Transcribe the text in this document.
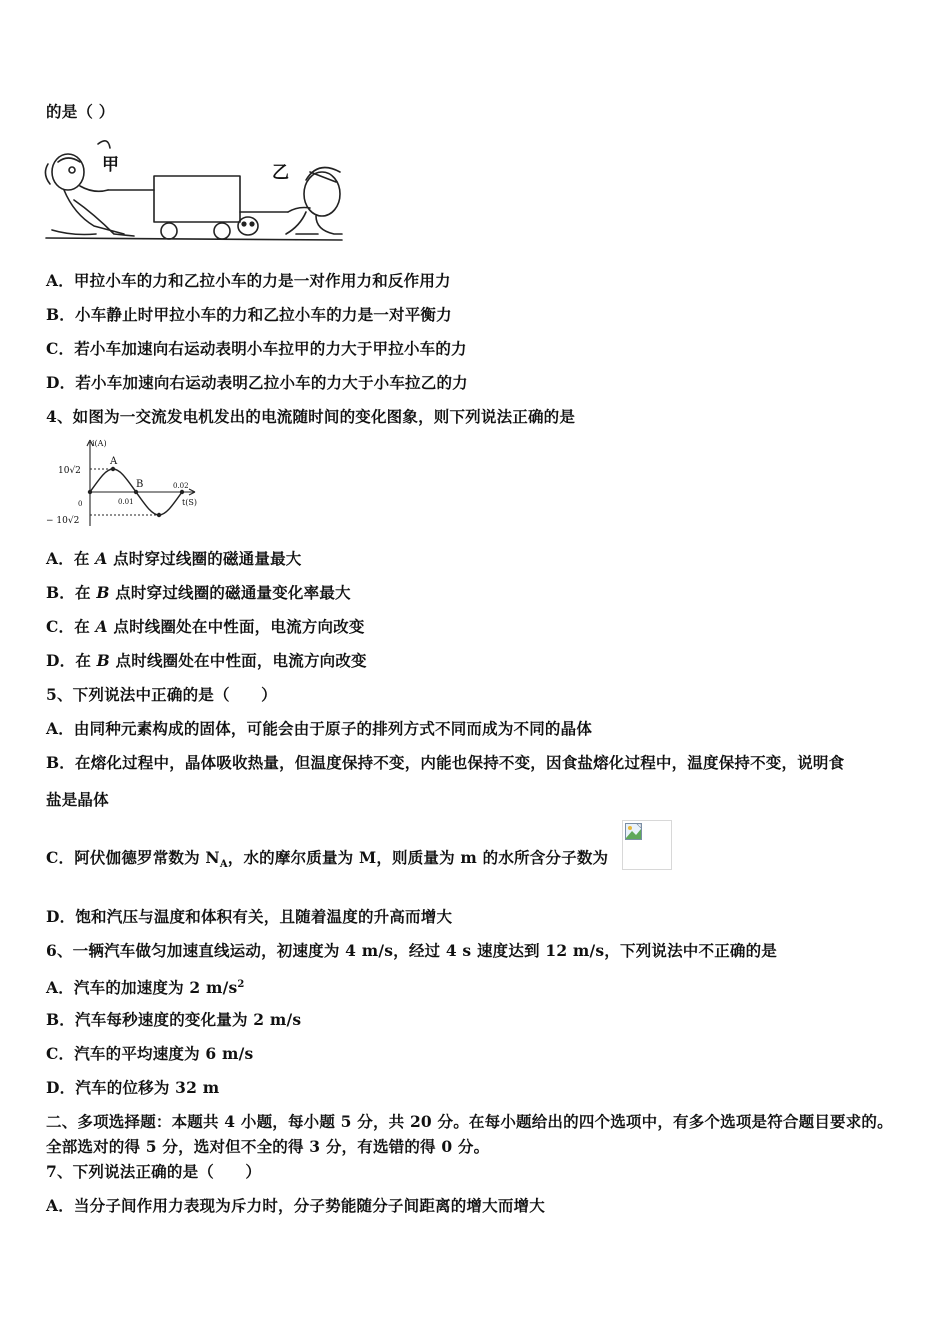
的是（ ）
甲	乙
A．甲拉小车的力和乙拉小车的力是一对作用力和反作用力
B．小车静止时甲拉小车的力和乙拉小车的力是一对平衡力
C．若小车加速向右运动表明小车拉甲的力大于甲拉小车的力
D．若小车加速向右运动表明乙拉小车的力大于小车拉乙的力
4、如图为一交流发电机发出的电流随时间的变化图象，则下列说法正确的是
i(A)
10√2
− 10√2
0
A
B
0.01
0.02
t(S)
A．在 A 点时穿过线圈的磁通量最大
B．在 B 点时穿过线圈的磁通量变化率最大
C．在 A 点时线圈处在中性面，电流方向改变
D．在 B 点时线圈处在中性面，电流方向改变
5、下列说法中正确的是（　　）
A．由同种元素构成的固体，可能会由于原子的排列方式不同而成为不同的晶体
B．在熔化过程中，晶体吸收热量，但温度保持不变，内能也保持不变，因食盐熔化过程中，温度保持不变，说明食
盐是晶体
C．阿伏伽德罗常数为 $N_A$，水的摩尔质量为 M，则质量为 m 的水所含分子数为
D．饱和汽压与温度和体积有关，且随着温度的升高而增大
6、一辆汽车做匀加速直线运动，初速度为 4 m/s，经过 4 s 速度达到 12 m/s，下列说法中不正确的是
A．汽车的加速度为 2 $m/s^2$
B．汽车每秒速度的变化量为 2 m/s
C．汽车的平均速度为 6 m/s
D．汽车的位移为 32 m
二、多项选择题：本题共 4 小题，每小题 5 分，共 20 分。在每小题给出的四个选项中，有多个选项是符合题目要求的。
全部选对的得 5 分，选对但不全的得 3 分，有选错的得 0 分。
7、下列说法正确的是（　　）
A．当分子间作用力表现为斥力时，分子势能随分子间距离的增大而增大
